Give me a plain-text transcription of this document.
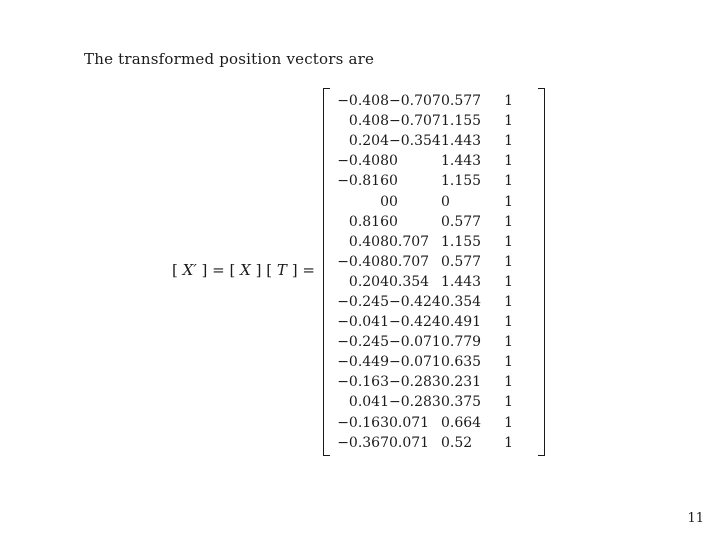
The transformed position vectors are
[ X′ ] = [ X ] [ T ] =
−0.408	−0.707	0.577	1
0.408	−0.707	1.155	1
0.204	−0.354	1.443	1
−0.408	0	1.443	1
−0.816	0	1.155	1
0	0	0	1
0.816	0	0.577	1
0.408	0.707	1.155	1
−0.408	0.707	0.577	1
0.204	0.354	1.443	1
−0.245	−0.424	0.354	1
−0.041	−0.424	0.491	1
−0.245	−0.071	0.779	1
−0.449	−0.071	0.635	1
−0.163	−0.283	0.231	1
0.041	−0.283	0.375	1
−0.163	0.071	0.664	1
−0.367	0.071	0.52	1
11
